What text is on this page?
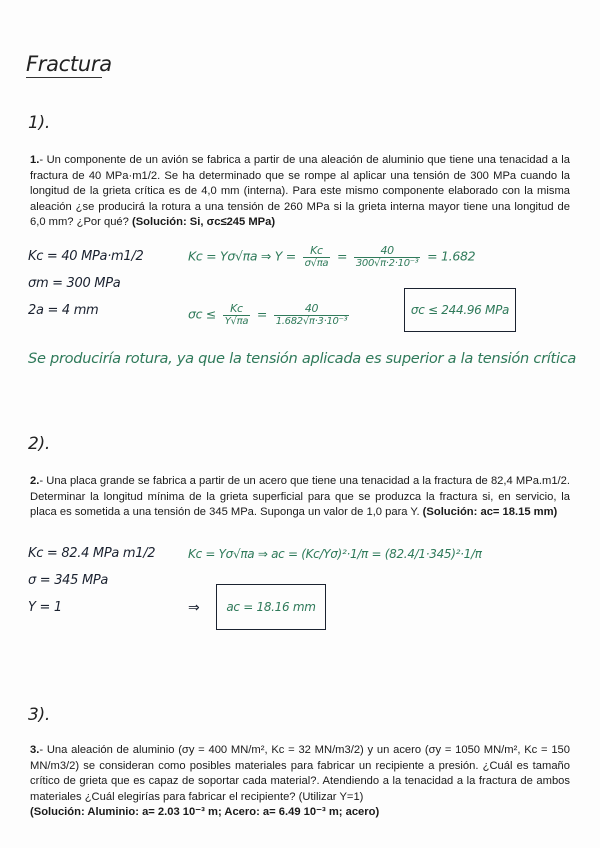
Fractura
1).
1.- Un componente de un avión se fabrica a partir de una aleación de aluminio que tiene una tenacidad a la fractura de 40 MPa·m1/2. Se ha determinado que se rompe al aplicar una tensión de 300 MPa cuando la longitud de la grieta crítica es de 4,0 mm (interna). Para este mismo componente elaborado con la misma aleación ¿se producirá la rotura a una tensión de 260 MPa si la grieta interna mayor tiene una longitud de 6,0 mm? ¿Por qué? (Solución: Si, σc≤245 MPa)
Kc = 40 MPa·m1/2
σm = 300 MPa
2a = 4 mm
Kc = Yσ√πa ⇒ $Y = \frac{Kc}{\sigma√\pi a} = \frac{40}{\text{300√π·2·10⁻³}} = 1.682$
$\sigma c \le \frac{Kc}{Y√\pi a} = \frac{40}{\text{1.682√π·3·10⁻³}}$	σc ≤ 244.96 MPa
Se produciría rotura, ya que la tensión aplicada es superior a la tensión crítica
2).
2.- Una placa grande se fabrica a partir de un acero que tiene una tenacidad a la fractura de 82,4 MPa.m1/2. Determinar la longitud mínima de la grieta superficial para que se produzca la fractura si, en servicio, la placa es sometida a una tensión de 345 MPa. Suponga un valor de 1,0 para Y. (Solución: ac= 18.15 mm)
Kc = 82.4 MPa m1/2
σ = 345 MPa
Y = 1
Kc = Yσ√πa ⇒ ac = (Kc/Yσ)²·1/π = (82.4/1·345)²·1/π
⇒	ac = 18.16 mm
3).
3.- Una aleación de aluminio (σy = 400 MN/m², Kc = 32 MN/m3/2) y un acero (σy = 1050 MN/m², Kc = 150 MN/m3/2) se consideran como posibles materiales para fabricar un recipiente a presión. ¿Cuál es tamaño crítico de grieta que es capaz de soportar cada material?. Atendiendo a la tenacidad a la fractura de ambos materiales ¿Cuál elegirías para fabricar el recipiente? (Utilizar Y=1)
(Solución: Aluminio: a= 2.03 10⁻³ m; Acero: a= 6.49 10⁻³ m; acero)
